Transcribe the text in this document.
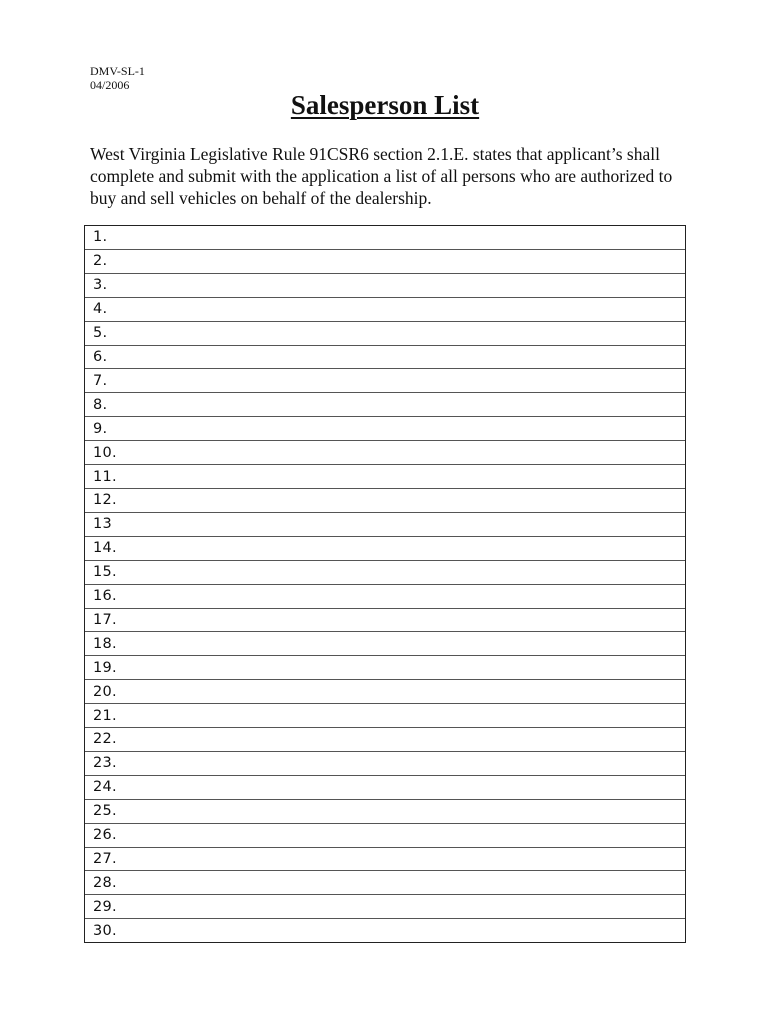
DMV-SL-1
04/2006
Salesperson List
West Virginia Legislative Rule 91CSR6 section 2.1.E. states that applicant’s shall
complete and submit with the application a list of all persons who are authorized to
buy and sell vehicles on behalf of the dealership.
1.
2.
3.
4.
5.
6.
7.
8.
9.
10.
11.
12.
13
14.
15.
16.
17.
18.
19.
20.
21.
22.
23.
24.
25.
26.
27.
28.
29.
30.
